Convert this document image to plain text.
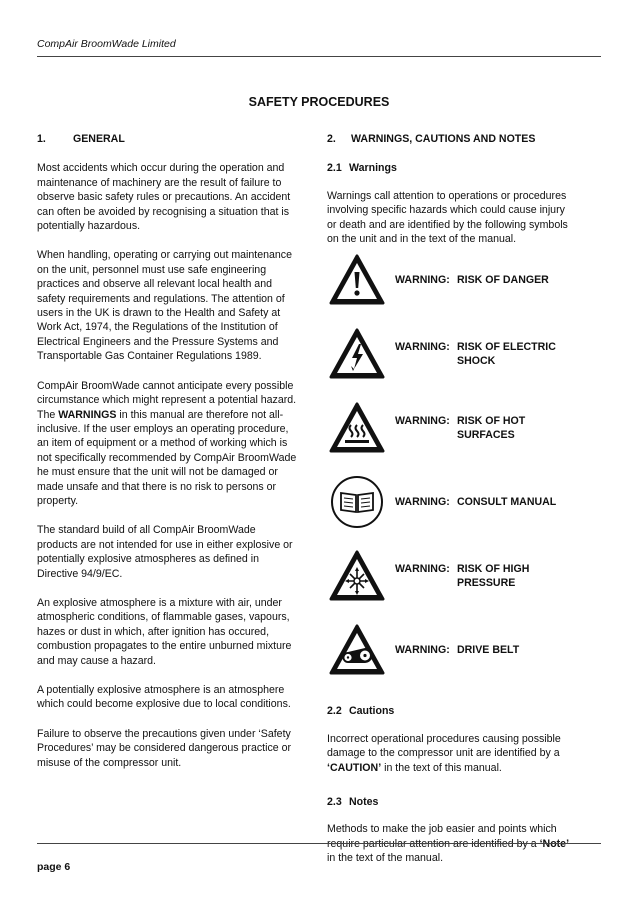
CompAir BroomWade Limited
SAFETY PROCEDURES
1.	GENERAL

Most accidents which occur during the operation and maintenance of machinery are the result of failure to observe basic safety rules or precautions. An accident can often be avoided by recognising a situation that is potentially hazardous.

When handling, operating or carrying out maintenance on the unit, personnel must use safe engineering practices and observe all relevant local health and safety requirements and regulations. The attention of users in the UK is drawn to the Health and Safety at Work Act, 1974, the Regulations of the Institution of Electrical Engineers and the Pressure Systems and Transportable Gas Container Regulations 1989.

CompAir BroomWade cannot anticipate every possible circumstance which might represent a potential hazard. The WARNINGS in this manual are therefore not all-inclusive. If the user employs an operating procedure, an item of equipment or a method of working which is not specifically recommended by CompAir BroomWade he must ensure that the unit will not be damaged or made unsafe and that there is no risk to persons or property.

The standard build of all CompAir BroomWade products are not intended for use in either explosive or potentially explosive atmospheres as defined in Directive 94/9/EC.

An explosive atmosphere is a mixture with air, under atmospheric conditions, of flammable gases, vapours, hazes or dust in which, after ignition has occured, combustion propagates to the entire unburned mixture and may cause a hazard.

A potentially explosive atmosphere is an atmosphere which could become explosive due to local conditions.

Failure to observe the precautions given under ‘Safety Procedures’ may be considered dangerous practice or misuse of the compressor unit.

2.	WARNINGS, CAUTIONS AND NOTES
2.1 Warnings

Warnings call attention to operations or procedures involving specific hazards which could cause injury or death and are identified by the following symbols on the unit and in the text of the manual.

WARNING: RISK OF DANGER
WARNING: RISK OF ELECTRIC SHOCK
WARNING: RISK OF HOT SURFACES
WARNING: CONSULT MANUAL
WARNING: RISK OF HIGH PRESSURE
WARNING: DRIVE BELT
2.2 Cautions

Incorrect operational procedures causing possible damage to the compressor unit are identified by a ‘CAUTION’ in the text of this manual.

2.3 Notes

Methods to make the job easier and points which in the text of the manual.

page 6
